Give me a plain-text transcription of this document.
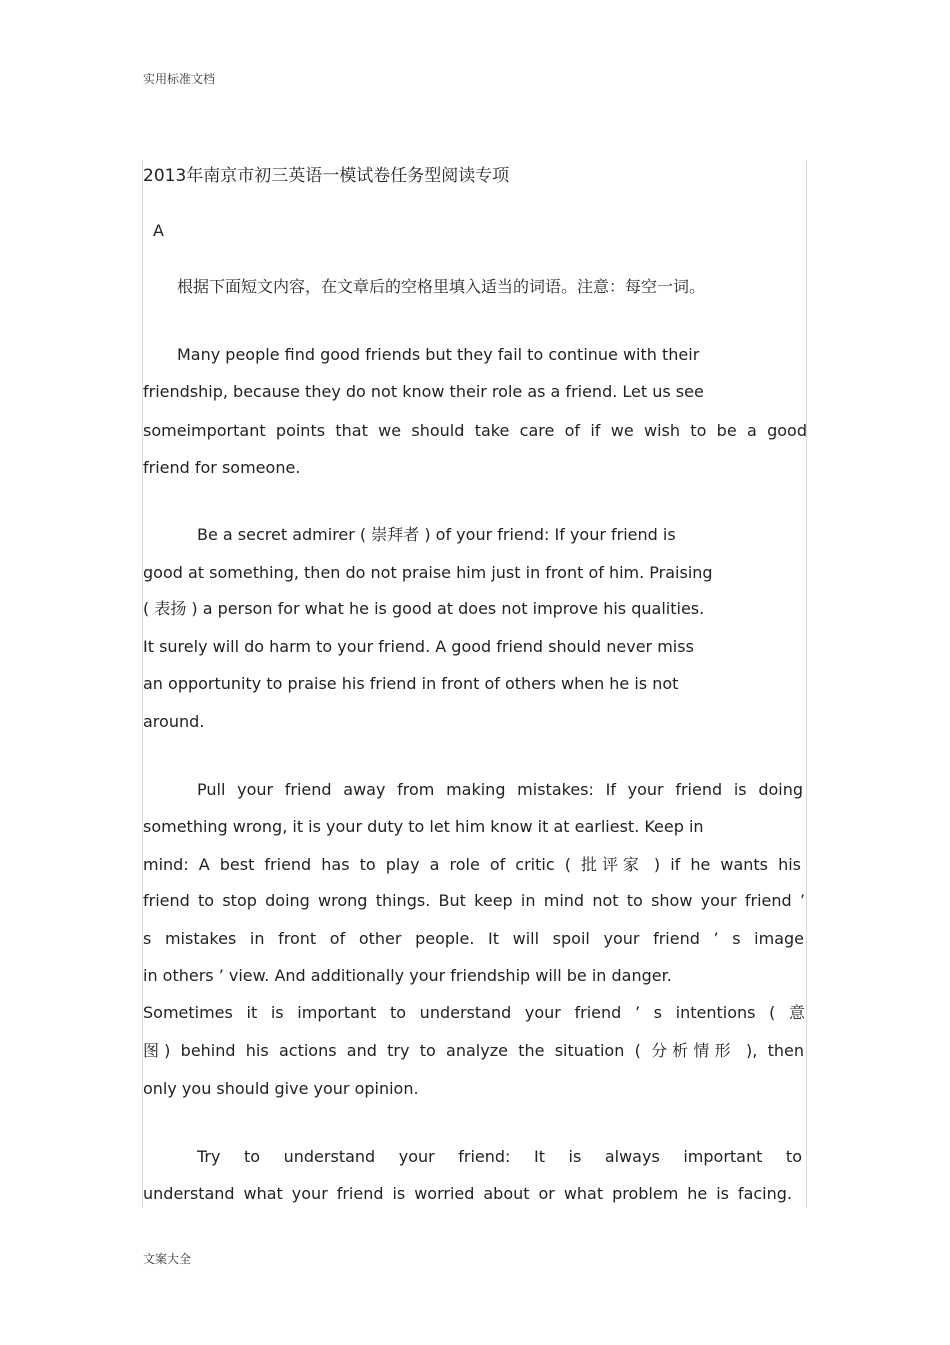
实用标准文档
2013年南京市初三英语一模试卷任务型阅读专项
A
根据下面短文内容，在文章后的空格里填入适当的词语。注意：每空一词。
Many people find good friends but they fail to continue with their
friendship, because they do not know their role as a friend. Let us see
someimportant points that we should take care of if we wish to be a good
friend for someone.
Be a secret admirer ( 崇拜者 ) of your friend: If your friend is
good at something, then do not praise him just in front of him. Praising
( 表扬 ) a person for what he is good at does not improve his qualities.
It surely will do harm to your friend. A good friend should never miss
an opportunity to praise his friend in front of others when he is not
around.
Pull your friend away from making mistakes: If your friend is doing
something wrong, it is your duty to let him know it at earliest. Keep in
mind: A best friend has to play a role of critic ( 批评家 ) if he wants his
friend to stop doing wrong things. But keep in mind not to show your friend ’
s mistakes in front of other people. It will spoil your friend ’ s image
in others ’ view. And additionally your friendship will be in danger.
Sometimes it is important to understand your friend ’ s intentions ( 意
图) behind his actions and try to analyze the situation ( 分析情形 ), then
only you should give your opinion.
Try to understand your friend: It is always important to
understand what your friend is worried about or what problem he is facing.
文案大全
